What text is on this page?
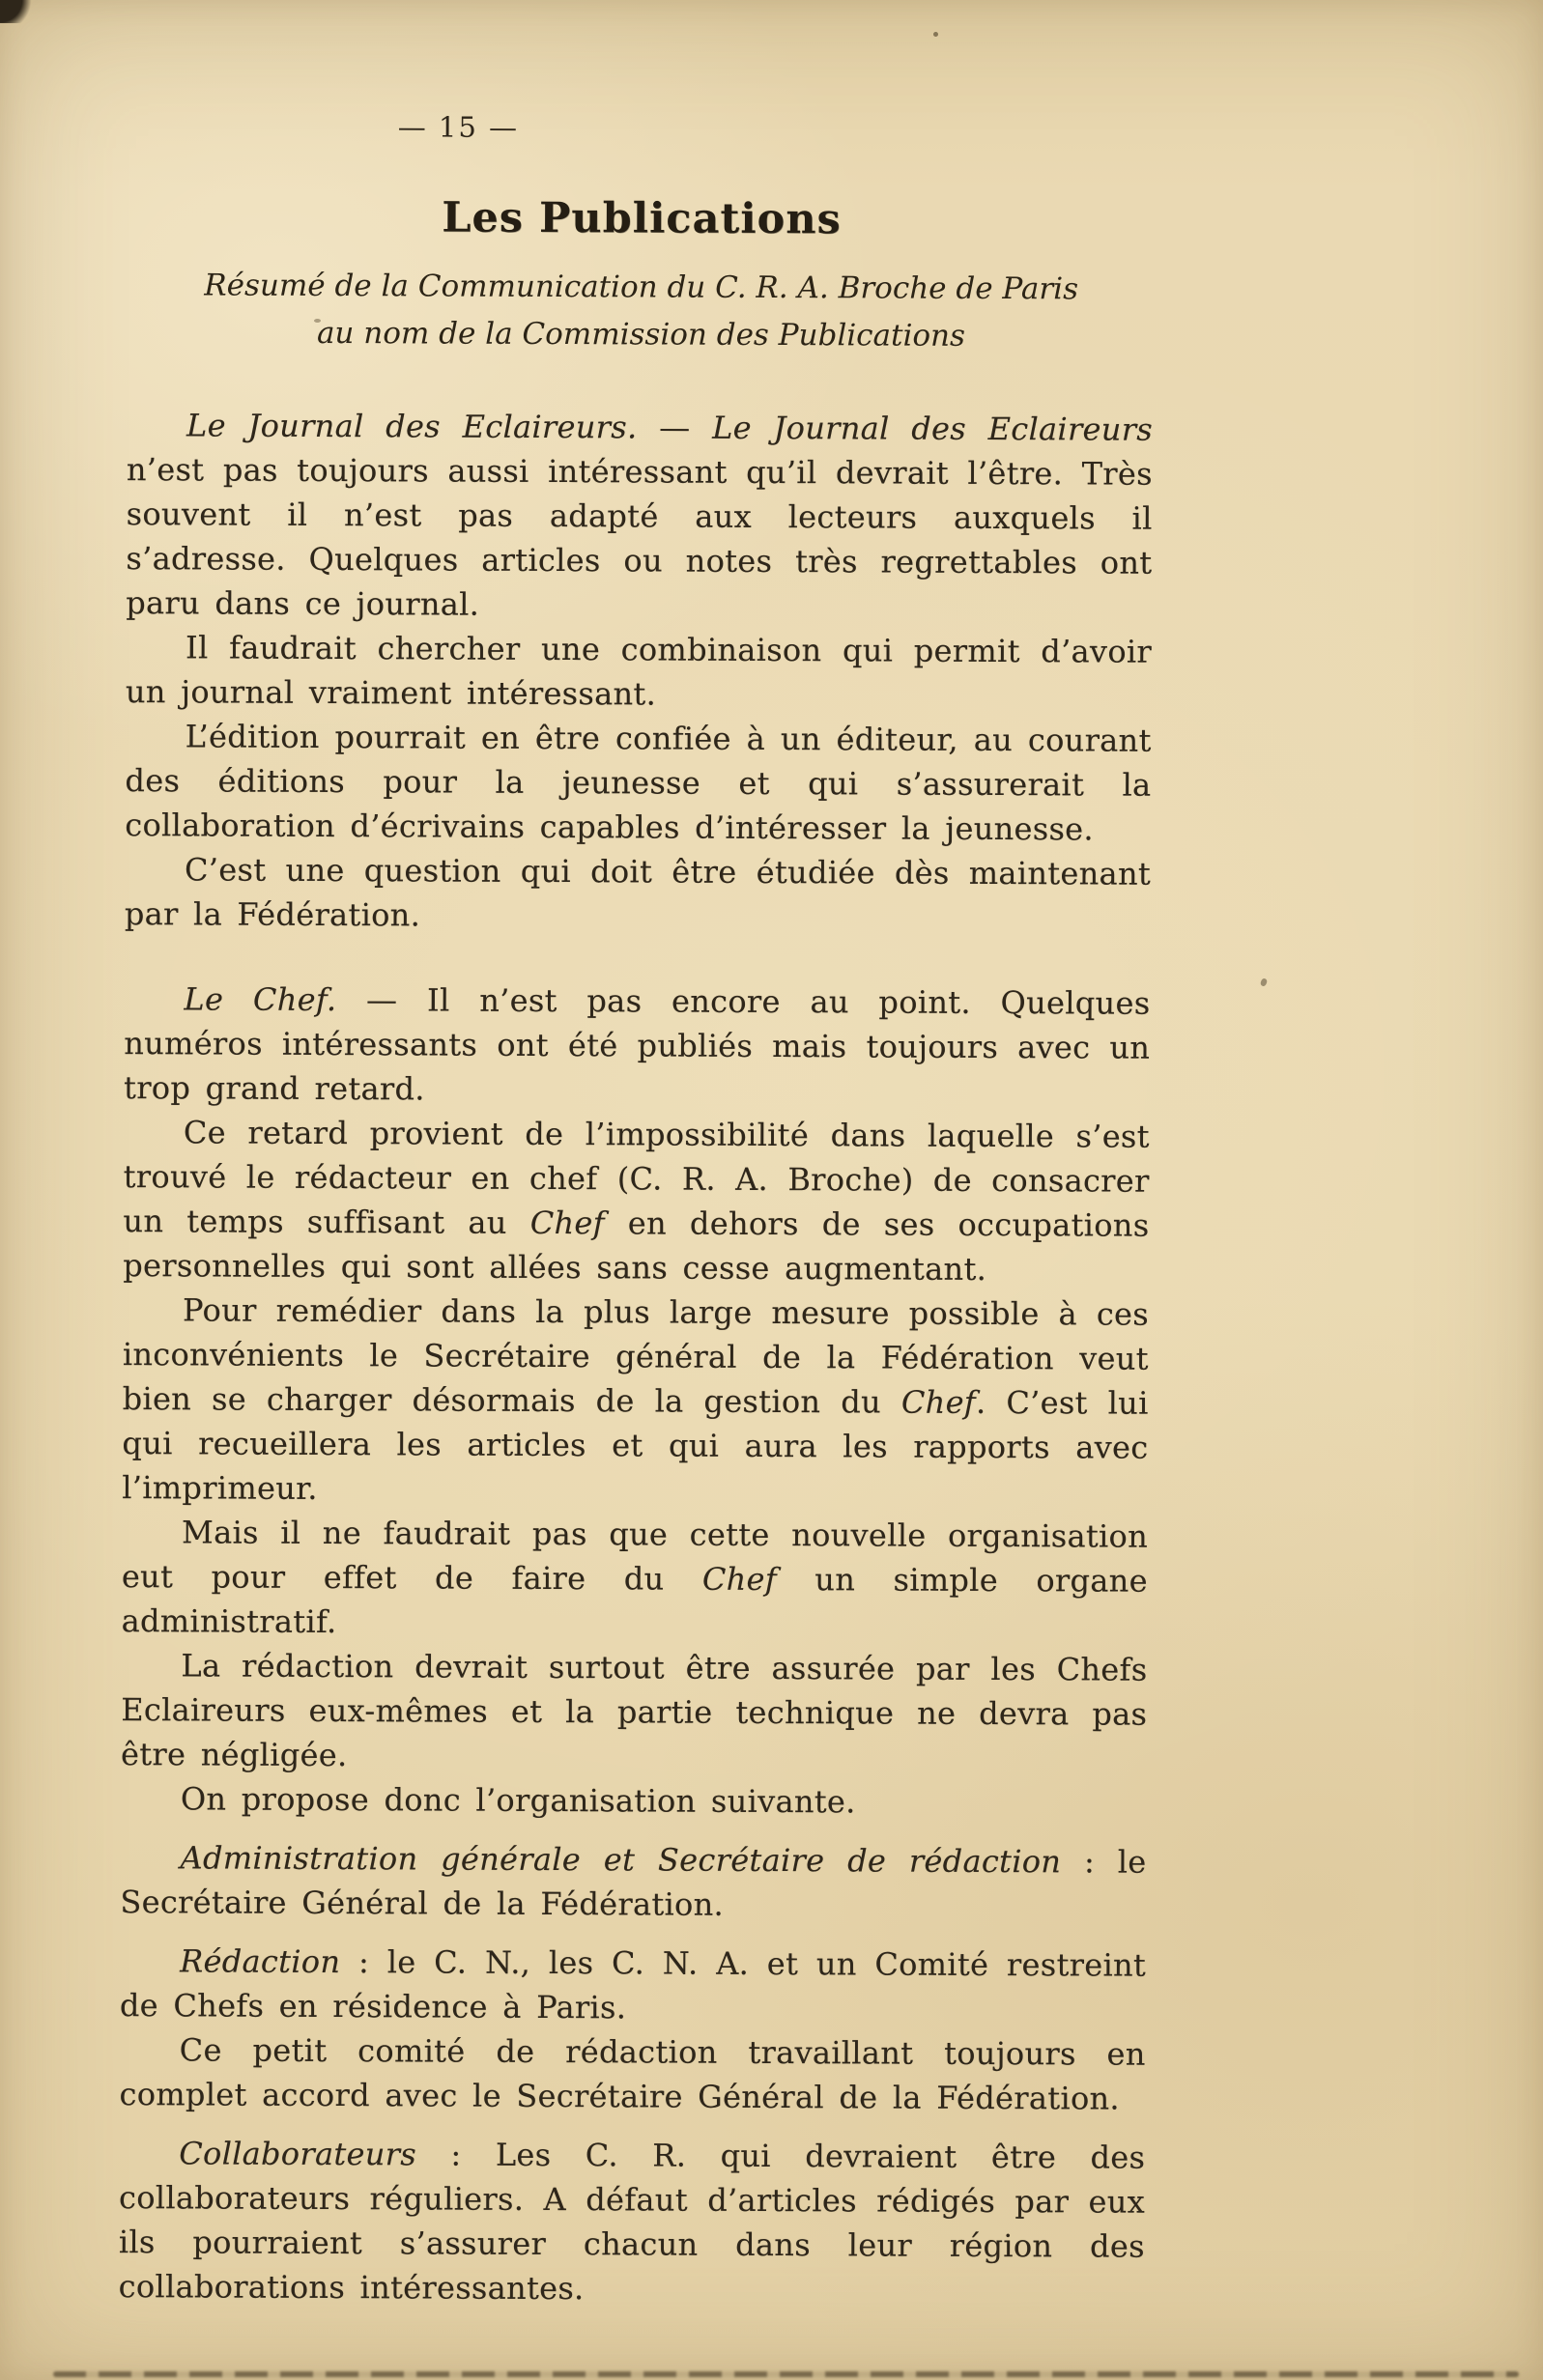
— 15 —
Les Publications
Résumé de la Communication du C. R. A. Broche de Paris
au nom de la Commission des Publications

Le Journal des Eclaireurs. — Le Journal des Eclaireurs n’est pas toujours aussi intéressant qu’il devrait l’être. Très souvent il n’est pas adapté aux lecteurs auxquels il s’adresse. Quelques articles ou notes très regrettables ont paru dans ce journal.

Il faudrait chercher une combinaison qui permit d’avoir un journal vraiment intéressant.

L’édition pourrait en être confiée à un éditeur, au courant des éditions pour la jeunesse et qui s’assurerait la collaboration d’écrivains capables d’intéresser la jeunesse.

C’est une question qui doit être étudiée dès maintenant par la Fédération.

Le Chef. — Il n’est pas encore au point. Quelques numéros intéressants ont été publiés mais toujours avec un trop grand retard.

Ce retard provient de l’impossibilité dans laquelle s’est trouvé le rédacteur en chef (C. R. A. Broche) de consacrer un temps suffisant au Chef en dehors de ses occupations personnelles qui sont allées sans cesse augmentant.

Pour remédier dans la plus large mesure possible à ces inconvénients le Secrétaire général de la Fédération veut bien se charger désormais de la gestion du Chef. C’est lui qui recueillera les articles et qui aura les rapports avec l’imprimeur.

Mais il ne faudrait pas que cette nouvelle organisation eut pour effet de faire du Chef un simple organe administratif.

La rédaction devrait surtout être assurée par les Chefs Eclaireurs eux-mêmes et la partie technique ne devra pas être négligée.

On propose donc l’organisation suivante.

Administration générale et Secrétaire de rédaction : le Secrétaire Général de la Fédération.

Rédaction : le C. N., les C. N. A. et un Comité restreint de Chefs en résidence à Paris.

Ce petit comité de rédaction travaillant toujours en complet accord avec le Secrétaire Général de la Fédération.

Collaborateurs : Les C. R. qui devraient être des collaborateurs réguliers. A défaut d’articles rédigés par eux ils pourraient s’assurer chacun dans leur région des collaborations intéressantes.
